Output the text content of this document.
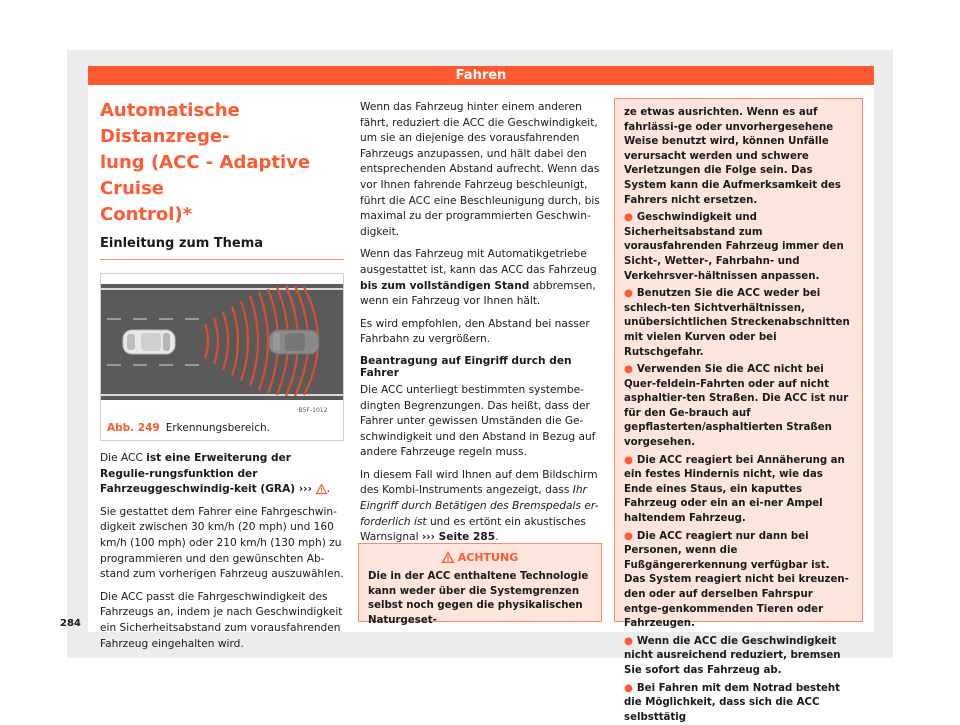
Fahren
Automatische Distanzrege-
lung (ACC - Adaptive Cruise
Control)*
Einleitung zum Thema
B5F-1012
Abb. 249 Erkennungsbereich.

Die ACC ist eine Erweiterung der Regulie-rungsfunktion der Fahrzeuggeschwindig-keit (GRA) ››› .

Sie gestattet dem Fahrer eine Fahrgeschwin-digkeit zwischen 30 km/h (20 mph) und 160 km/h (100 mph) oder 210 km/h (130 mph) zu programmieren und den gewünschten Ab-stand zum vorherigen Fahrzeug auszuwählen.

Die ACC passt die Fahrgeschwindigkeit des Fahrzeugs an, indem je nach Geschwindigkeit ein Sicherheitsabstand zum vorausfahrenden Fahrzeug eingehalten wird.

Wenn das Fahrzeug hinter einem anderen fährt, reduziert die ACC die Geschwindigkeit, um sie an diejenige des vorausfahrenden Fahrzeugs anzupassen, und hält dabei den entsprechenden Abstand aufrecht. Wenn das vor Ihnen fahrende Fahrzeug beschleunigt, führt die ACC eine Beschleunigung durch, bis maximal zu der programmierten Geschwin-digkeit.

Wenn das Fahrzeug mit Automatikgetriebe ausgestattet ist, kann das ACC das Fahrzeug bis zum vollständigen Stand abbremsen, wenn ein Fahrzeug vor Ihnen hält.

Es wird empfohlen, den Abstand bei nasser Fahrbahn zu vergrößern.

Beantragung auf Eingriff durch den Fahrer

Die ACC unterliegt bestimmten systembe-dingten Begrenzungen. Das heißt, dass der Fahrer unter gewissen Umständen die Ge-schwindigkeit und den Abstand in Bezug auf andere Fahrzeuge regeln muss.

In diesem Fall wird Ihnen auf dem Bildschirm des Kombi-Instruments angezeigt, dass Ihr Eingriff durch Betätigen des Bremspedals er-forderlich ist und es ertönt ein akustisches Warnsignal ››› Seite 285.

ACHTUNG
Die in der ACC enthaltene Technologie kann weder über die Systemgrenzen selbst noch gegen die physikalischen Naturgeset-

ze etwas ausrichten. Wenn es auf fahrlässi-ge oder unvorhergesehene Weise benutzt wird, können Unfälle verursacht werden und schwere Verletzungen die Folge sein. Das System kann die Aufmerksamkeit des Fahrers nicht ersetzen.

● Geschwindigkeit und Sicherheitsabstand zum vorausfahrenden Fahrzeug immer den Sicht-, Wetter-, Fahrbahn- und Verkehrsver-hältnissen anpassen.

● Benutzen Sie die ACC weder bei schlech-ten Sichtverhältnissen, unübersichtlichen Streckenabschnitten mit vielen Kurven oder bei Rutschgefahr.

● Verwenden Sie die ACC nicht bei Quer-feldein-Fahrten oder auf nicht asphaltier-ten Straßen. Die ACC ist nur für den Ge-brauch auf gepflasterten/asphaltierten Straßen vorgesehen.

● Die ACC reagiert bei Annäherung an ein festes Hindernis nicht, wie das Ende eines Staus, ein kaputtes Fahrzeug oder ein an ei-ner Ampel haltendem Fahrzeug.

● Die ACC reagiert nur dann bei Personen, wenn die Fußgängererkennung verfügbar ist. Das System reagiert nicht bei kreuzen-den oder auf derselben Fahrspur entge-genkommenden Tieren oder Fahrzeugen.

● Wenn die ACC die Geschwindigkeit nicht ausreichend reduziert, bremsen Sie sofort das Fahrzeug ab.

● Bei Fahren mit dem Notrad besteht die Möglichkeit, dass sich die ACC selbsttätig

284
